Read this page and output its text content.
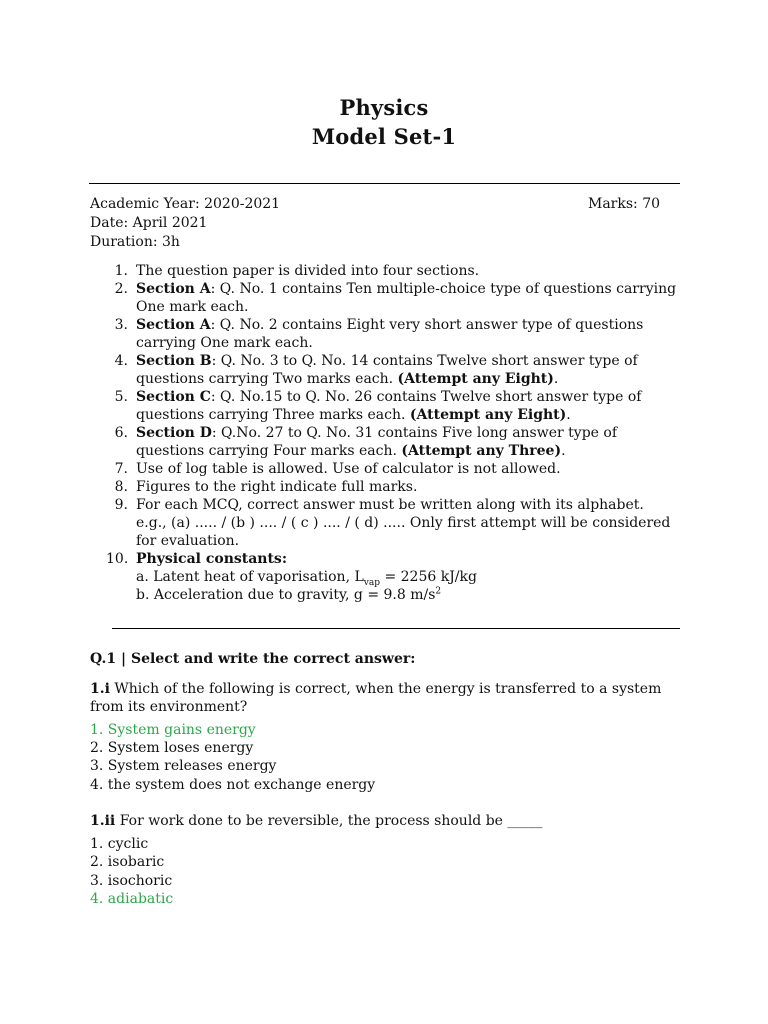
Physics
Model Set-1
Academic Year: 2020-2021	Marks: 70
Date: April 2021
Duration: 3h
1. The question paper is divided into four sections.
2. Section A: Q. No. 1 contains Ten multiple-choice type of questions carrying One mark each.
3. Section A: Q. No. 2 contains Eight very short answer type of questions carrying One mark each.
4. Section B: Q. No. 3 to Q. No. 14 contains Twelve short answer type of questions carrying Two marks each. (Attempt any Eight).
5. Section C: Q. No.15 to Q. No. 26 contains Twelve short answer type of questions carrying Three marks each. (Attempt any Eight).
6. Section D: Q.No. 27 to Q. No. 31 contains Five long answer type of questions carrying Four marks each. (Attempt any Three).
7. Use of log table is allowed. Use of calculator is not allowed.
8. Figures to the right indicate full marks.
9. For each MCQ, correct answer must be written along with its alphabet.
e.g., (a) ..... / (b ) .... / ( c ) .... / ( d) ..... Only first attempt will be considered for evaluation.
10. Physical constants:
a. Latent heat of vaporisation, $L_{vap} = 2256$ kJ/kg
b. Acceleration due to gravity, g = 9.8 $m/s^2$
Q.1 | Select and write the correct answer:
1.i Which of the following is correct, when the energy is transferred to a system from its environment?
1. System gains energy
2. System loses energy
3. System releases energy
4. the system does not exchange energy
1.ii For work done to be reversible, the process should be _____
1. cyclic
2. isobaric
3. isochoric
4. adiabatic
